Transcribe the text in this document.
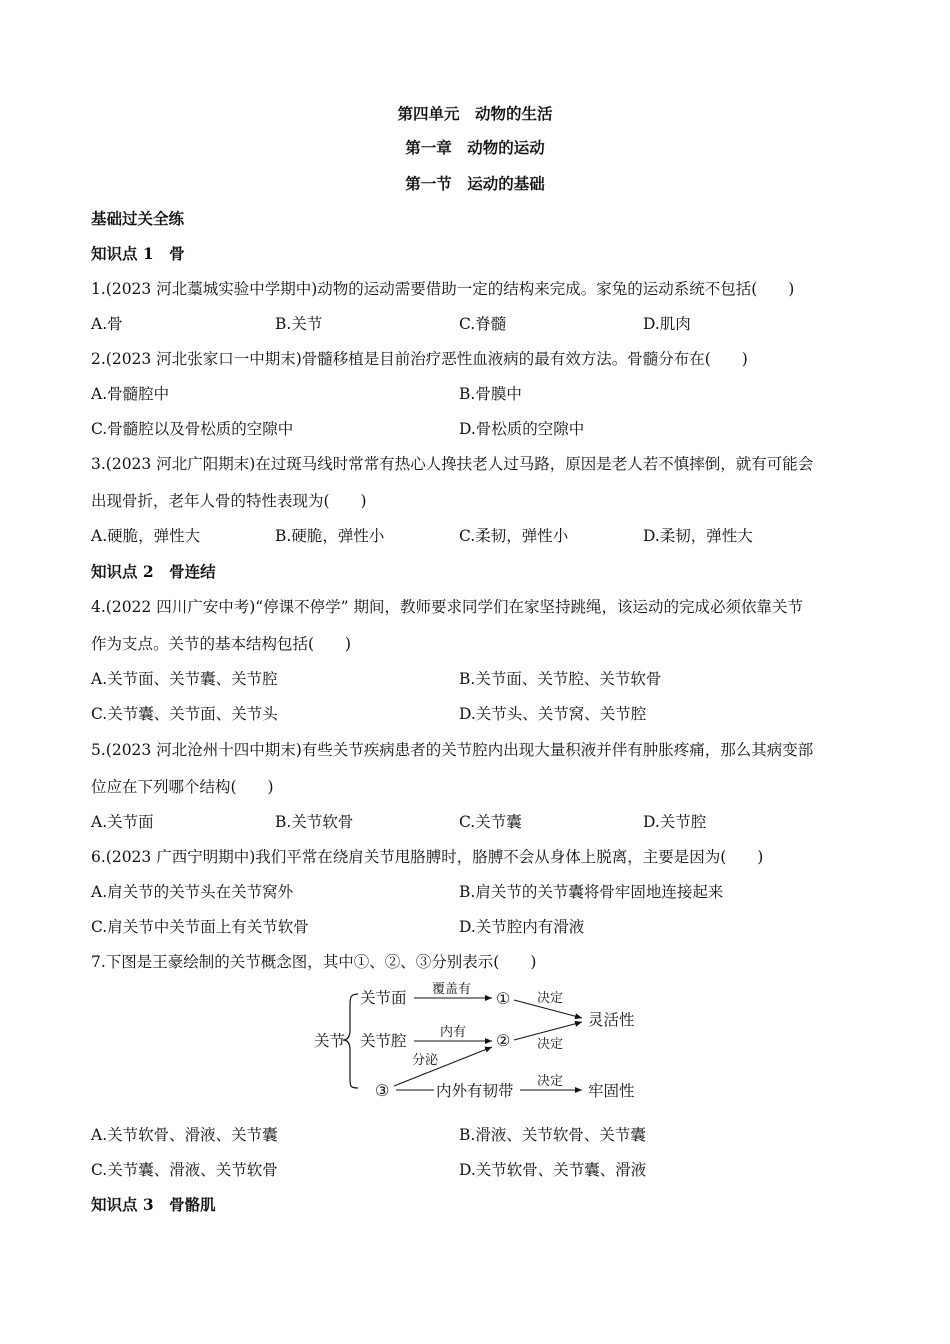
第四单元　动物的生活
第一章　动物的运动
第一节　运动的基础
基础过关全练
知识点 1　骨
1.(2023 河北藁城实验中学期中)动物的运动需要借助一定的结构来完成。家兔的运动系统不包括(　　)
A.骨	B.关节	C.脊髓	D.肌肉
2.(2023 河北张家口一中期末)骨髓移植是目前治疗恶性血液病的最有效方法。骨髓分布在(　　)
A.骨髓腔中	B.骨膜中
C.骨髓腔以及骨松质的空隙中	D.骨松质的空隙中
3.(2023 河北广阳期末)在过斑马线时常常有热心人搀扶老人过马路，原因是老人若不慎摔倒，就有可能会
出现骨折，老年人骨的特性表现为(　　)
A.硬脆，弹性大	B.硬脆，弹性小	C.柔韧，弹性小	D.柔韧，弹性大
知识点 2　骨连结
4.(2022 四川广安中考)“停课不停学” 期间，教师要求同学们在家坚持跳绳，该运动的完成必须依靠关节
作为支点。关节的基本结构包括(　　)
A.关节面、关节囊、关节腔	B.关节面、关节腔、关节软骨
C.关节囊、关节面、关节头	D.关节头、关节窝、关节腔
5.(2023 河北沧州十四中期末)有些关节疾病患者的关节腔内出现大量积液并伴有肿胀疼痛，那么其病变部
位应在下列哪个结构(　　)
A.关节面	B.关节软骨	C.关节囊	D.关节腔
6.(2023 广西宁明期中)我们平常在绕肩关节甩胳膊时，胳膊不会从身体上脱离，主要是因为(　　)
A.肩关节的关节头在关节窝外	B.肩关节的关节囊将骨牢固地连接起来
C.肩关节中关节面上有关节软骨	D.关节腔内有滑液
7.下图是王豪绘制的关节概念图，其中①、②、③分别表示(　　)
关节
关节面
关节腔
③
覆盖有 ①
内有 ②
分泌
内外有韧带
决定
牢固性
决定
决定
灵活性
A.关节软骨、滑液、关节囊	B.滑液、关节软骨、关节囊
C.关节囊、滑液、关节软骨	D.关节软骨、关节囊、滑液
知识点 3　骨骼肌
